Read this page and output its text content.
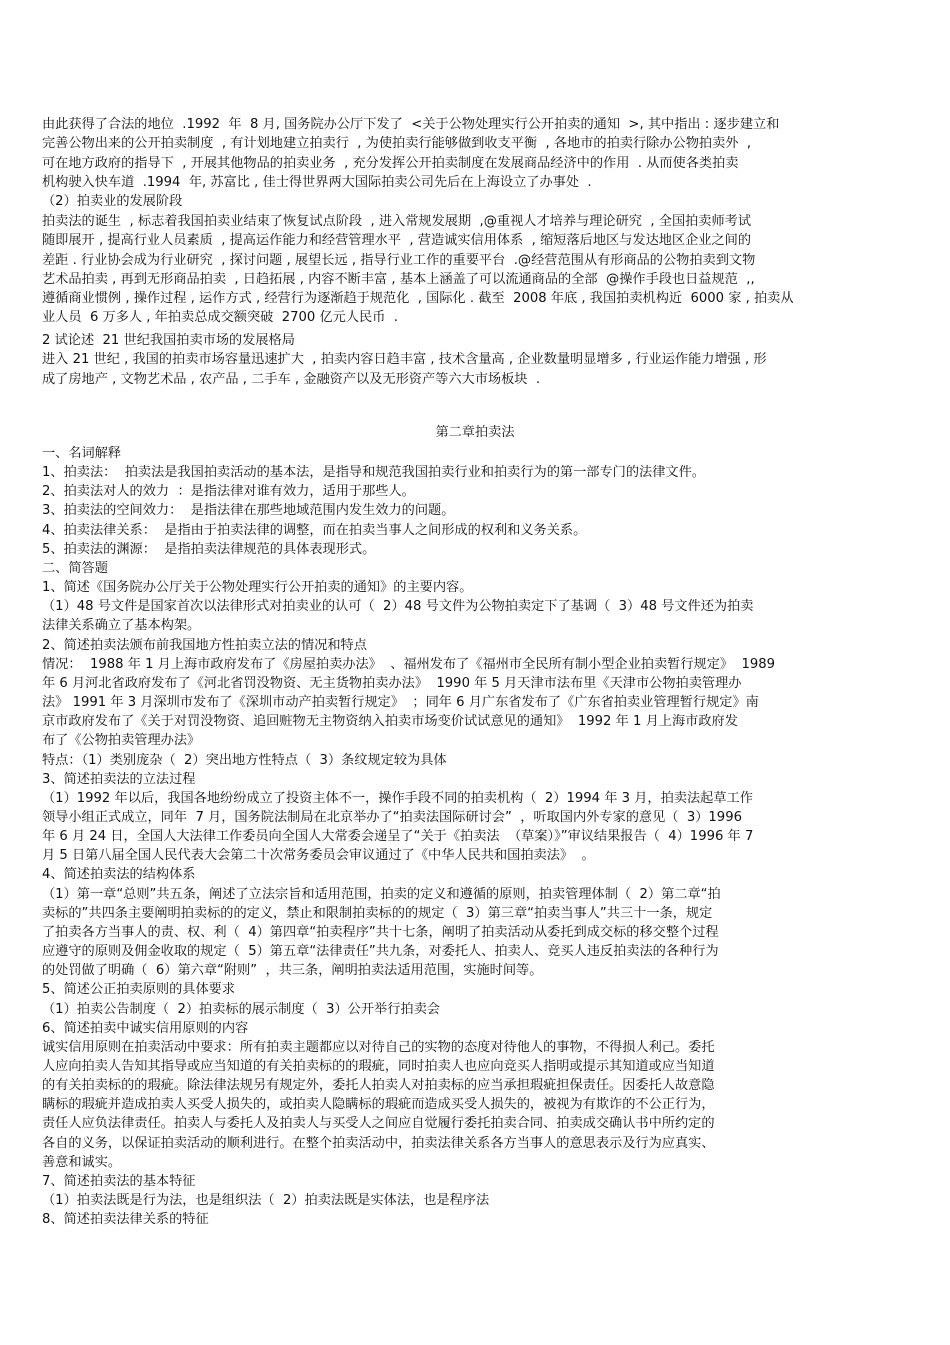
由此获得了合法的地位  .1992  年  8 月, 国务院办公厅下发了  <关于公物处理实行公开拍卖的通知  >, 其中指出 : 逐步建立和

完善公物出来的公开拍卖制度  , 有计划地建立拍卖行  , 为使拍卖行能够做到收支平衡  , 各地市的拍卖行除办公物拍卖外  ,

可在地方政府的指导下  , 开展其他物品的拍卖业务  , 充分发挥公开拍卖制度在发展商品经济中的作用  . 从而使各类拍卖

机构驶入快车道  .1994  年, 苏富比 , 佳士得世界两大国际拍卖公司先后在上海设立了办事处  .

（2）拍卖业的发展阶段

拍卖法的诞生  , 标志着我国拍卖业结束了恢复试点阶段  , 进入常规发展期  ,@重视人才培养与理论研究  , 全国拍卖师考试

随即展开 , 提高行业人员素质  , 提高运作能力和经营管理水平  , 营造诚实信用体系  , 缩短落后地区与发达地区企业之间的

差距 . 行业协会成为行业研究  , 探讨问题 , 展望长远 , 指导行业工作的重要平台  .@经营范围从有形商品的公物拍卖到文物

艺术品拍卖 , 再到无形商品拍卖  , 日趋拓展 , 内容不断丰富 , 基本上涵盖了可以流通商品的全部  @操作手段也日益规范  ,,

遵循商业惯例 , 操作过程 , 运作方式 , 经营行为逐渐趋于规范化  , 国际化 . 截至  2008 年底 , 我国拍卖机构近  6000 家 , 拍卖从

业人员  6 万多人 , 年拍卖总成交额突破  2700 亿元人民币  .

2 试论述  21 世纪我国拍卖市场的发展格局

进入 21 世纪 , 我国的拍卖市场容量迅速扩大  , 拍卖内容日趋丰富 , 技术含量高 , 企业数量明显增多 , 行业运作能力增强 , 形

成了房地产 , 文物艺术品 , 农产品 , 二手车 , 金融资产以及无形资产等六大市场板块  .

第二章拍卖法

一、名词解释

1、拍卖法：  拍卖法是我国拍卖活动的基本法，是指导和规范我国拍卖行业和拍卖行为的第一部专门的法律文件。

2、拍卖法对人的效力  ：是指法律对谁有效力，适用于那些人。

3、拍卖法的空间效力：  是指法律在那些地域范围内发生效力的问题。

4、拍卖法律关系：  是指由于拍卖法律的调整，而在拍卖当事人之间形成的权利和义务关系。

5、拍卖法的渊源：  是指拍卖法律规范的具体表现形式。

二、简答题

1、简述《国务院办公厅关于公物处理实行公开拍卖的通知》的主要内容。

（1）48 号文件是国家首次以法律形式对拍卖业的认可（  2）48 号文件为公物拍卖定下了基调（  3）48 号文件还为拍卖

法律关系确立了基本构架。

2、简述拍卖法颁布前我国地方性拍卖立法的情况和特点

情况：  1988 年 1 月上海市政府发布了《房屋拍卖办法》  、福州发布了《福州市全民所有制小型企业拍卖暂行规定》  1989

年 6 月河北省政府发布了《河北省罚没物资、无主货物拍卖办法》  1990 年 5 月天津市法布里《天津市公物拍卖管理办

法》 1991 年 3 月深圳市发布了《深圳市动产拍卖暂行规定》  ；同年 6 月广东省发布了《广东省拍卖业管理暂行规定》南

京市政府发布了《关于对罚没物资、追回赃物无主物资纳入拍卖市场变价试试意见的通知》  1992 年 1 月上海市政府发

布了《公物拍卖管理办法》

特点：（1）类别庞杂（  2）突出地方性特点（  3）条纹规定较为具体

3、简述拍卖法的立法过程

（1）1992 年以后，我国各地纷纷成立了投资主体不一，操作手段不同的拍卖机构（  2）1994 年 3 月，拍卖法起草工作

领导小组正式成立，同年  7 月，国务院法制局在北京举办了“拍卖法国际研讨会”  ，听取国内外专家的意见（  3）1996

年 6 月 24 日，全国人大法律工作委员向全国人大常委会递呈了“关于《拍卖法  （草案）》”审议结果报告（  4）1996 年 7

月 5 日第八届全国人民代表大会第二十次常务委员会审议通过了《中华人民共和国拍卖法》  。

4、简述拍卖法的结构体系

（1）第一章“总则”共五条，阐述了立法宗旨和适用范围，拍卖的定义和遵循的原则，拍卖管理体制（  2）第二章“拍

卖标的”共四条主要阐明拍卖标的的定义，禁止和限制拍卖标的的规定（  3）第三章“拍卖当事人”共三十一条，规定

了拍卖各方当事人的责、权、利（  4）第四章“拍卖程序”共十七条，阐明了拍卖活动从委托到成交标的移交整个过程

应遵守的原则及佣金收取的规定（  5）第五章“法律责任”共九条，对委托人、拍卖人、竞买人违反拍卖法的各种行为

的处罚做了明确（  6）第六章“附则”  ，共三条，阐明拍卖法适用范围，实施时间等。

5、简述公正拍卖原则的具体要求

（1）拍卖公告制度（  2）拍卖标的展示制度（  3）公开举行拍卖会

6、简述拍卖中诚实信用原则的内容

诚实信用原则在拍卖活动中要求：所有拍卖主题都应以对待自己的实物的态度对待他人的事物，不得损人利己。委托

人应向拍卖人告知其指导或应当知道的有关拍卖标的的瑕疵，同时拍卖人也应向竞买人指明或提示其知道或应当知道

的有关拍卖标的的瑕疵。除法律法规另有规定外，委托人拍卖人对拍卖标的应当承担瑕疵担保责任。因委托人故意隐

瞒标的瑕疵并造成拍卖人买受人损失的，或拍卖人隐瞒标的瑕疵而造成买受人损失的，被视为有欺诈的不公正行为，

责任人应负法律责任。拍卖人与委托人及拍卖人与买受人之间应自觉履行委托拍卖合同、拍卖成交确认书中所约定的

各自的义务，以保证拍卖活动的顺利进行。在整个拍卖活动中，拍卖法律关系各方当事人的意思表示及行为应真实、

善意和诚实。

7、简述拍卖法的基本特征

（1）拍卖法既是行为法，也是组织法（  2）拍卖法既是实体法，也是程序法

8、简述拍卖法律关系的特征
